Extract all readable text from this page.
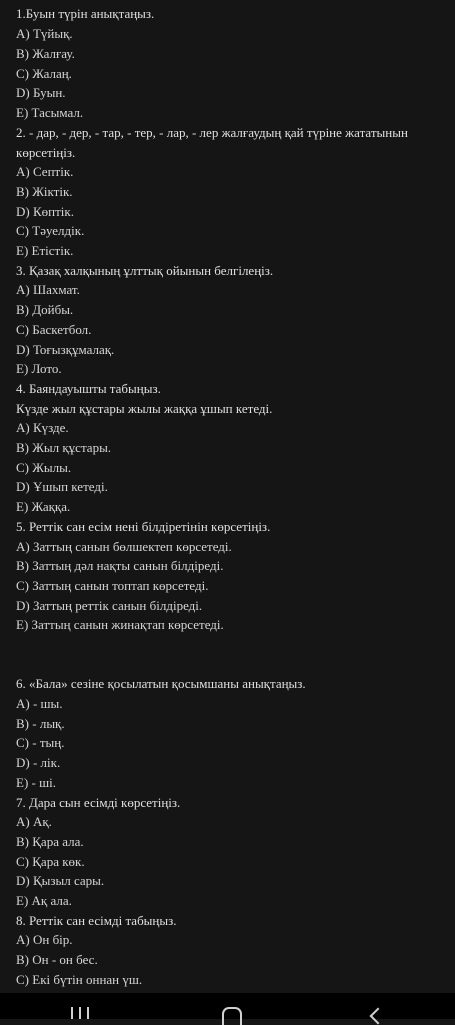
1.Буын түрін анықтаңыз.
A) Түйық.
B) Жалғау.
C) Жалаң.
D) Буын.
E) Тасымал.
2. - дар, - дер, - тар, - тер, - лар, - лер жалғаудың қай түріне жататынын
көрсетіңіз.
A) Септік.
B) Жіктік.
D) Көптік.
C) Тәуелдік.
E) Етістік.
3. Қазақ халқының ұлттық ойынын белгілеңіз.
A) Шахмат.
B) Дойбы.
C) Баскетбол.
D) Тоғызқұмалақ.
E) Лото.
4. Баяндауышты табыңыз.
Күзде жыл құстары жылы жаққа ұшып кетеді.
A) Күзде.
B) Жыл құстары.
C) Жылы.
D) Ұшып кетеді.
E) Жаққа.
5. Реттік сан есім нені білдіретінін көрсетіңіз.
A) Заттың санын бөлшектеп көрсетеді.
B) Заттың дәл нақты санын білдіреді.
C) Заттың санын топтап көрсетеді.
D) Заттың реттік санын білдіреді.
E) Заттың санын жинақтап көрсетеді.
6. «Бала» сезіне қосылатын қосымшаны анықтаңыз.
A) - шы.
B) - лық.
C) - тың.
D) - лік.
E) - ші.
7. Дара сын есімді көрсетіңіз.
A) Ақ.
B) Қара ала.
C) Қара көк.
D) Қызыл сары.
E) Ақ ала.
8. Реттік сан есімді табыңыз.
A) Он бір.
B) Он - он бес.
C) Екі бүтін оннан үш.
